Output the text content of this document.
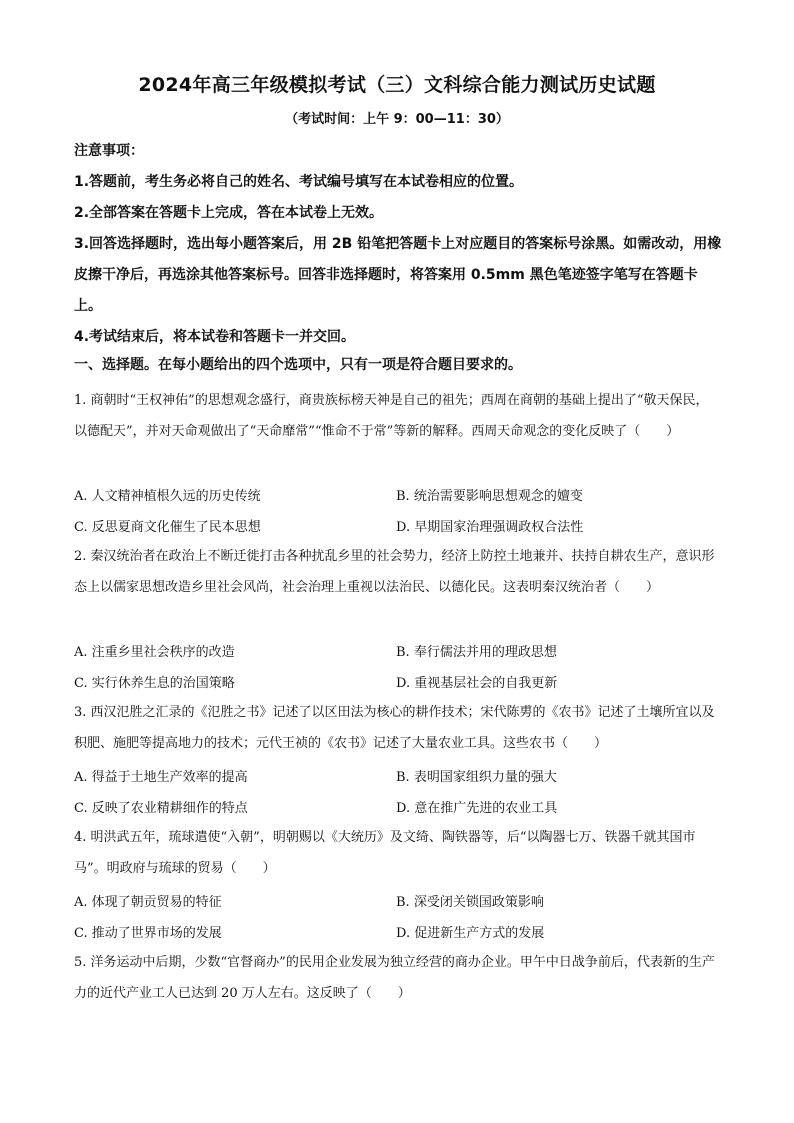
2024年高三年级模拟考试（三）文科综合能力测试历史试题
（考试时间：上午 9：00—11：30）

注意事项：

1.答题前，考生务必将自己的姓名、考试编号填写在本试卷相应的位置。

2.全部答案在答题卡上完成，答在本试卷上无效。

3.回答选择题时，选出每小题答案后，用 2B 铅笔把答题卡上对应题目的答案标号涂黑。如需改动，用橡皮擦干净后，再选涂其他答案标号。回答非选择题时，将答案用 0.5mm 黑色笔迹签字笔写在答题卡上。

4.考试结束后，将本试卷和答题卡一并交回。

一、选择题。在每小题给出的四个选项中，只有一项是符合题目要求的。

1. 商朝时“王权神佑”的思想观念盛行，商贵族标榜天神是自己的祖先；西周在商朝的基础上提出了“敬天保民，以德配天”，并对天命观做出了“天命靡常”“惟命不于常”等新的解释。西周天命观念的变化反映了（　　）

A. 人文精神植根久远的历史传统	B. 统治需要影响思想观念的嬗变
C. 反思夏商文化催生了民本思想	D. 早期国家治理强调政权合法性

2. 秦汉统治者在政治上不断迁徙打击各种扰乱乡里的社会势力，经济上防控土地兼并、扶持自耕农生产，意识形态上以儒家思想改造乡里社会风尚，社会治理上重视以法治民、以德化民。这表明秦汉统治者（　　）

A. 注重乡里社会秩序的改造	B. 奉行儒法并用的理政思想
C. 实行休养生息的治国策略	D. 重视基层社会的自我更新

3. 西汉氾胜之汇录的《氾胜之书》记述了以区田法为核心的耕作技术；宋代陈旉的《农书》记述了土壤所宜以及积肥、施肥等提高地力的技术；元代王祯的《农书》记述了大量农业工具。这些农书（　　）

A. 得益于土地生产效率的提高	B. 表明国家组织力量的强大
C. 反映了农业精耕细作的特点	D. 意在推广先进的农业工具

4. 明洪武五年，琉球遣使“入朝”，明朝赐以《大统历》及文绮、陶铁器等，后“以陶器七万、铁器千就其国市马”。明政府与琉球的贸易（　　）

A. 体现了朝贡贸易的特征	B. 深受闭关锁国政策影响
C. 推动了世界市场的发展	D. 促进新生产方式的发展

5. 洋务运动中后期，少数“官督商办”的民用企业发展为独立经营的商办企业。甲午中日战争前后，代表新的生产力的近代产业工人已达到 20 万人左右。这反映了（　　）
